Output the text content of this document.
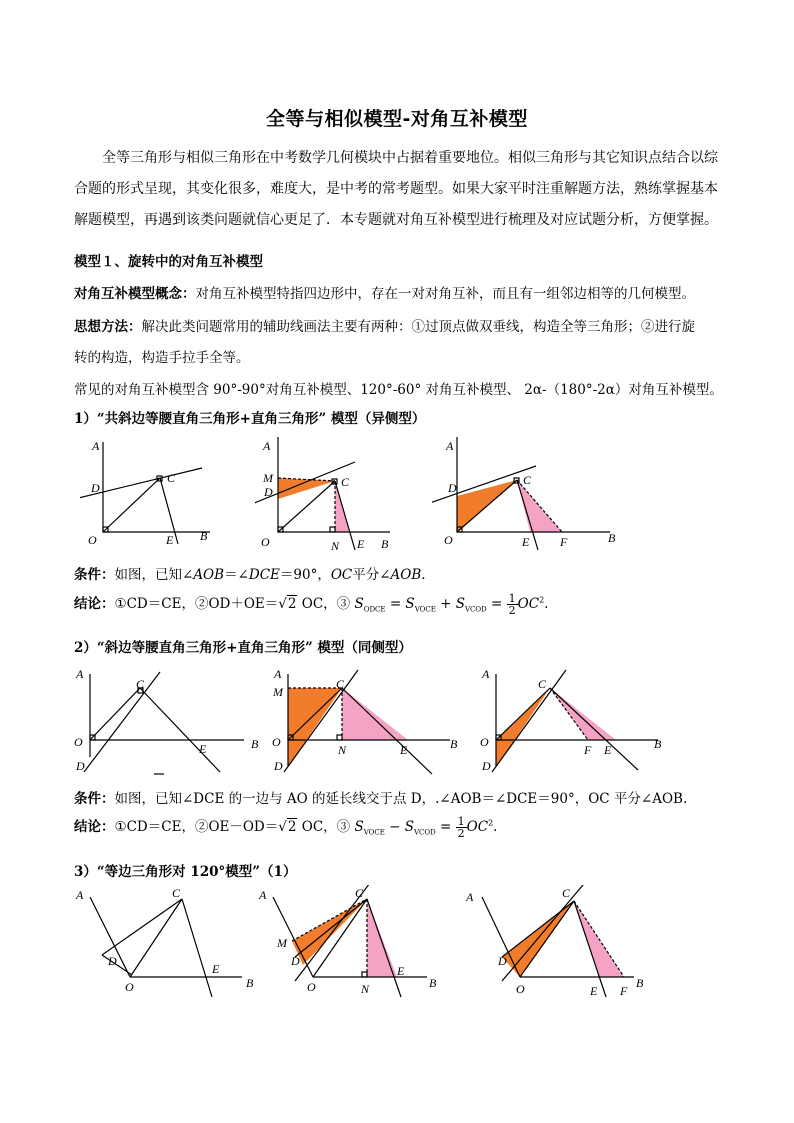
全等与相似模型-对角互补模型
全等三角形与相似三角形在中考数学几何模块中占据着重要地位。相似三角形与其它知识点结合以综合题的形式呈现，其变化很多，难度大，是中考的常考题型。如果大家平时注重解题方法，熟练掌握基本解题模型，再遇到该类问题就信心更足了．本专题就对角互补模型进行梳理及对应试题分析，方便掌握。
模型１、旋转中的对角互补模型
对角互补模型概念：对角互补模型特指四边形中，存在一对对角互补，而且有一组邻边相等的几何模型。
思想方法：解决此类问题常用的辅助线画法主要有两种：①过顶点做双垂线，构造全等三角形；②进行旋
转的构造，构造手拉手全等。
常见的对角互补模型含 90°-90°对角互补模型、120°-60° 对角互补模型、 2α-（180°-2α）对角互补模型。
1）“共斜边等腰直角三角形+直角三角形” 模型（异侧型）
A
D
C
O	E B
A
M
D
C
O	N E B
A
D
C
O	E	F	B
条件：如图，已知∠AOB＝∠DCE＝90°，OC平分∠AOB.
结论：①CD＝CE，②OD＋OE＝√2 OC，③ $S_{ODCE} = S_{VOCE} + S_{VCOD} = \frac{1}{2} OC^2$.
2）“斜边等腰直角三角形+直角三角形” 模型（同侧型）
A
C
O	E	B
D
A
M
C
O
N	E	B
D
A
C
O
F E	B
D
条件：如图，已知∠DCE 的一边与 AO 的延长线交于点 D，.∠AOB＝∠DCE＝90°，OC 平分∠AOB.
结论：①CD＝CE，②OE－OD＝√2 OC，③ $S_{VOCE} - S_{VCOD} = \frac{1}{2} OC^2$.
3）“等边三角形对 120°模型”（1）
A	C
D
O
E
B
A	C
M
D
O	N
E
B
A	C
D
O	E F
B
